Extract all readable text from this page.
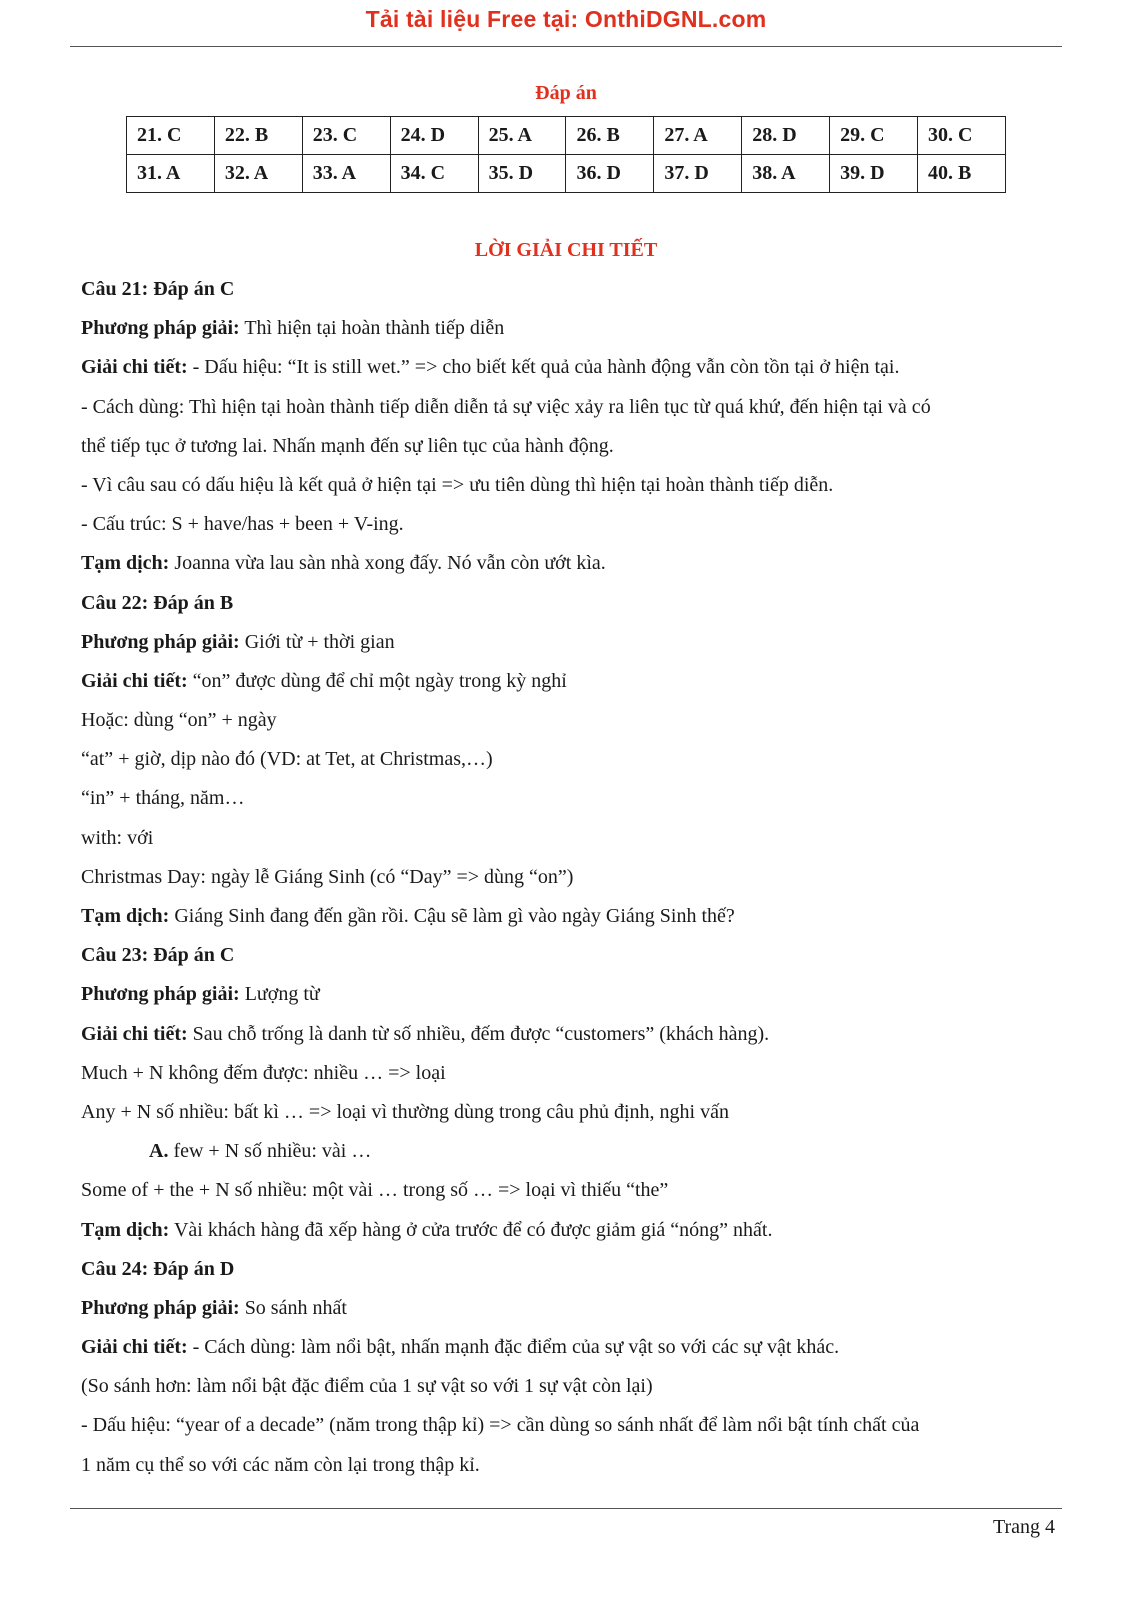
Tải tài liệu Free tại: OnthiDGNL.com
Đáp án
21. C	22. B	23. C	24. D	25. A	26. B	27. A	28. D	29. C	30. C
31. A	32. A	33. A	34. C	35. D	36. D	37. D	38. A	39. D	40. B
LỜI GIẢI CHI TIẾT
Câu 21: Đáp án C
Phương pháp giải: Thì hiện tại hoàn thành tiếp diễn
Giải chi tiết: - Dấu hiệu: “It is still wet.” => cho biết kết quả của hành động vẫn còn tồn tại ở hiện tại.
- Cách dùng: Thì hiện tại hoàn thành tiếp diễn diễn tả sự việc xảy ra liên tục từ quá khứ, đến hiện tại và có
thể tiếp tục ở tương lai. Nhấn mạnh đến sự liên tục của hành động.
- Vì câu sau có dấu hiệu là kết quả ở hiện tại => ưu tiên dùng thì hiện tại hoàn thành tiếp diễn.
- Cấu trúc: S + have/has + been + V-ing.
Tạm dịch: Joanna vừa lau sàn nhà xong đấy. Nó vẫn còn ướt kìa.
Câu 22: Đáp án B
Phương pháp giải: Giới từ + thời gian
Giải chi tiết: “on” được dùng để chỉ một ngày trong kỳ nghỉ
Hoặc: dùng “on” + ngày
“at” + giờ, dịp nào đó (VD: at Tet, at Christmas,…)
“in” + tháng, năm…
with: với
Christmas Day: ngày lễ Giáng Sinh (có “Day” => dùng “on”)
Tạm dịch: Giáng Sinh đang đến gần rồi. Cậu sẽ làm gì vào ngày Giáng Sinh thế?
Câu 23: Đáp án C
Phương pháp giải: Lượng từ
Giải chi tiết: Sau chỗ trống là danh từ số nhiều, đếm được “customers” (khách hàng).
Much + N không đếm được: nhiều … => loại
Any + N số nhiều: bất kì … => loại vì thường dùng trong câu phủ định, nghi vấn
A. few + N số nhiều: vài …
Some of + the + N số nhiều: một vài … trong số … => loại vì thiếu “the”
Tạm dịch: Vài khách hàng đã xếp hàng ở cửa trước để có được giảm giá “nóng” nhất.
Câu 24: Đáp án D
Phương pháp giải: So sánh nhất
Giải chi tiết: - Cách dùng: làm nổi bật, nhấn mạnh đặc điểm của sự vật so với các sự vật khác.
(So sánh hơn: làm nổi bật đặc điểm của 1 sự vật so với 1 sự vật còn lại)
- Dấu hiệu: “year of a decade” (năm trong thập kỉ) => cần dùng so sánh nhất để làm nổi bật tính chất của
1 năm cụ thể so với các năm còn lại trong thập kỉ.
Trang 4
